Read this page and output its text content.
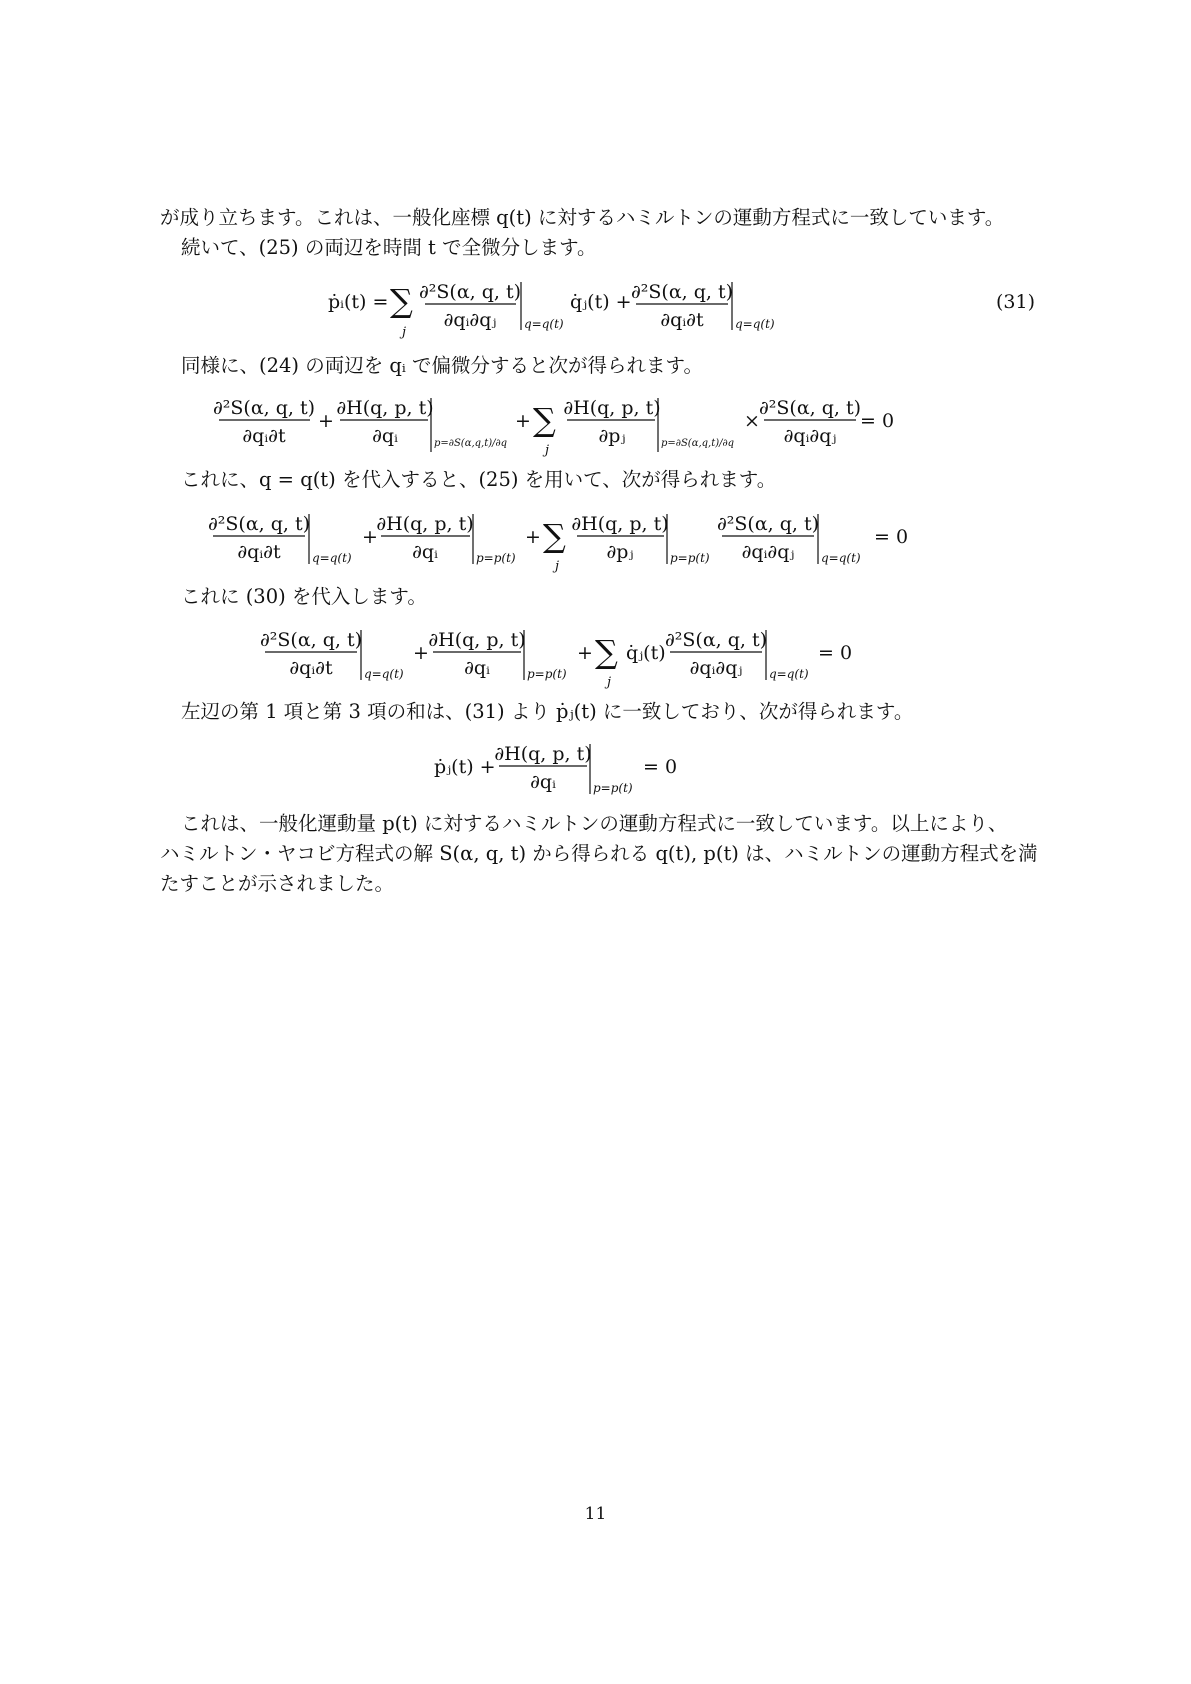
が成り立ちます。これは、一般化座標 q(t) に対するハミルトンの運動方程式に一致しています。
続いて、(25) の両辺を時間 t で全微分します。
ṗᵢ(t) = ∑
j
∂²S(α, q, t)
∂qᵢ∂qⱼ q=q(t)
q̇ⱼ(t) + ∂²S(α, q, t)
∂qᵢ∂t	q=q(t)
(31)
同様に、(24) の両辺を qᵢ で偏微分すると次が得られます。
∂²S(α, q, t)
∂qᵢ∂t
+
∂H(q, p, t)
∂qᵢ	p=∂S(α,q,t)/∂q
+ ∑
j
∂H(q, p, t)
∂pⱼ	p=∂S(α,q,t)/∂q
×
∂²S(α, q, t)
∂qᵢ∂qⱼ
= 0
これに、q = q(t) を代入すると、(25) を用いて、次が得られます。
∂²S(α, q, t)
∂qᵢ∂t	q=q(t)
+
∂H(q, p, t)
∂qᵢ	p=p(t)
+ ∑
j
∂H(q, p, t)
∂pⱼ	p=p(t)
∂²S(α, q, t)
∂qᵢ∂qⱼ q=q(t)
= 0
これに (30) を代入します。
∂²S(α, q, t)
∂qᵢ∂t	q=q(t)
+
∂H(q, p, t)
∂qᵢ	p=p(t)
+ ∑
j
q̇ⱼ(t)
∂²S(α, q, t)
∂qᵢ∂qⱼ q=q(t)
= 0
左辺の第 1 項と第 3 項の和は、(31) より ṗⱼ(t) に一致しており、次が得られます。
ṗⱼ(t) +
∂H(q, p, t)
∂qᵢ	p=p(t)
= 0
これは、一般化運動量 p(t) に対するハミルトンの運動方程式に一致しています。以上により、
ハミルトン・ヤコビ方程式の解 S(α, q, t) から得られる q(t), p(t) は、ハミルトンの運動方程式を満
たすことが示されました。
11
